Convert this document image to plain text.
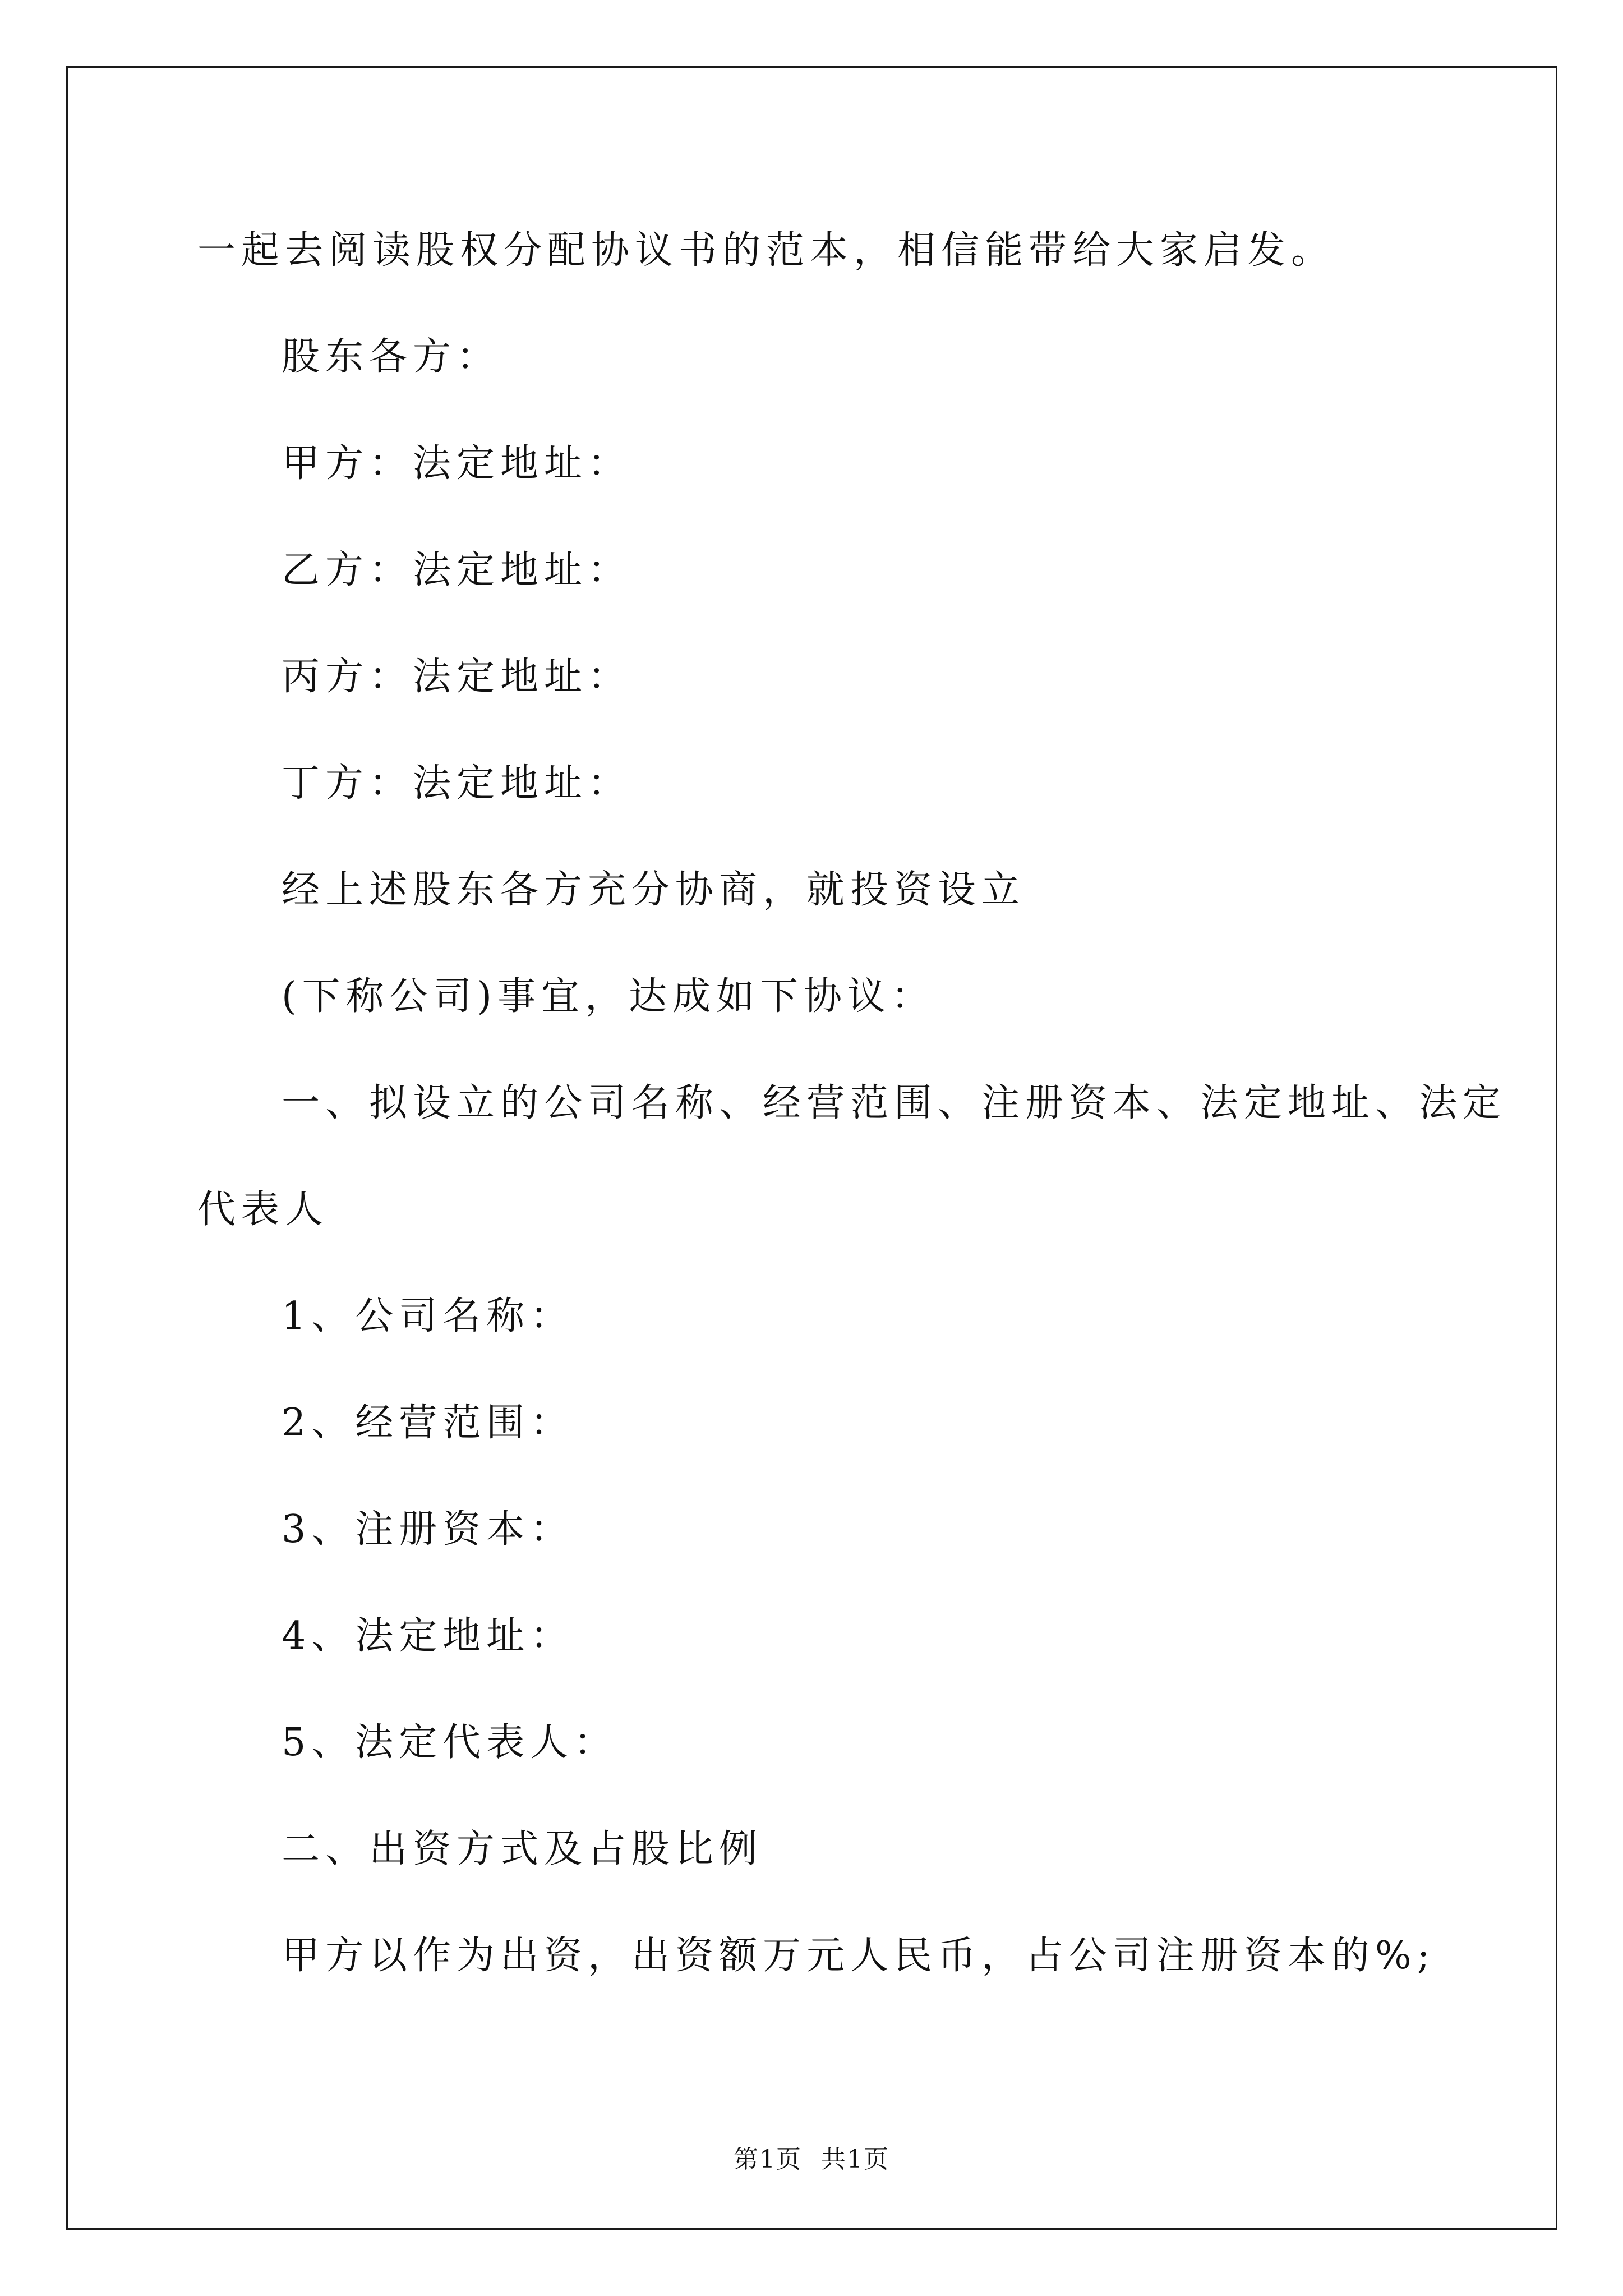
一起去阅读股权分配协议书的范本，相信能带给大家启发。
股东各方：
甲方：法定地址：
乙方：法定地址：
丙方：法定地址：
丁方：法定地址：
经上述股东各方充分协商，就投资设立
(下称公司)事宜，达成如下协议：
一、拟设立的公司名称、经营范围、注册资本、法定地址、法定
代表人
1、公司名称：
2、经营范围：
3、注册资本：
4、法定地址：
5、法定代表人：
二、出资方式及占股比例
甲方以作为出资，出资额万元人民币，占公司注册资本的%;
第1页 共1页
